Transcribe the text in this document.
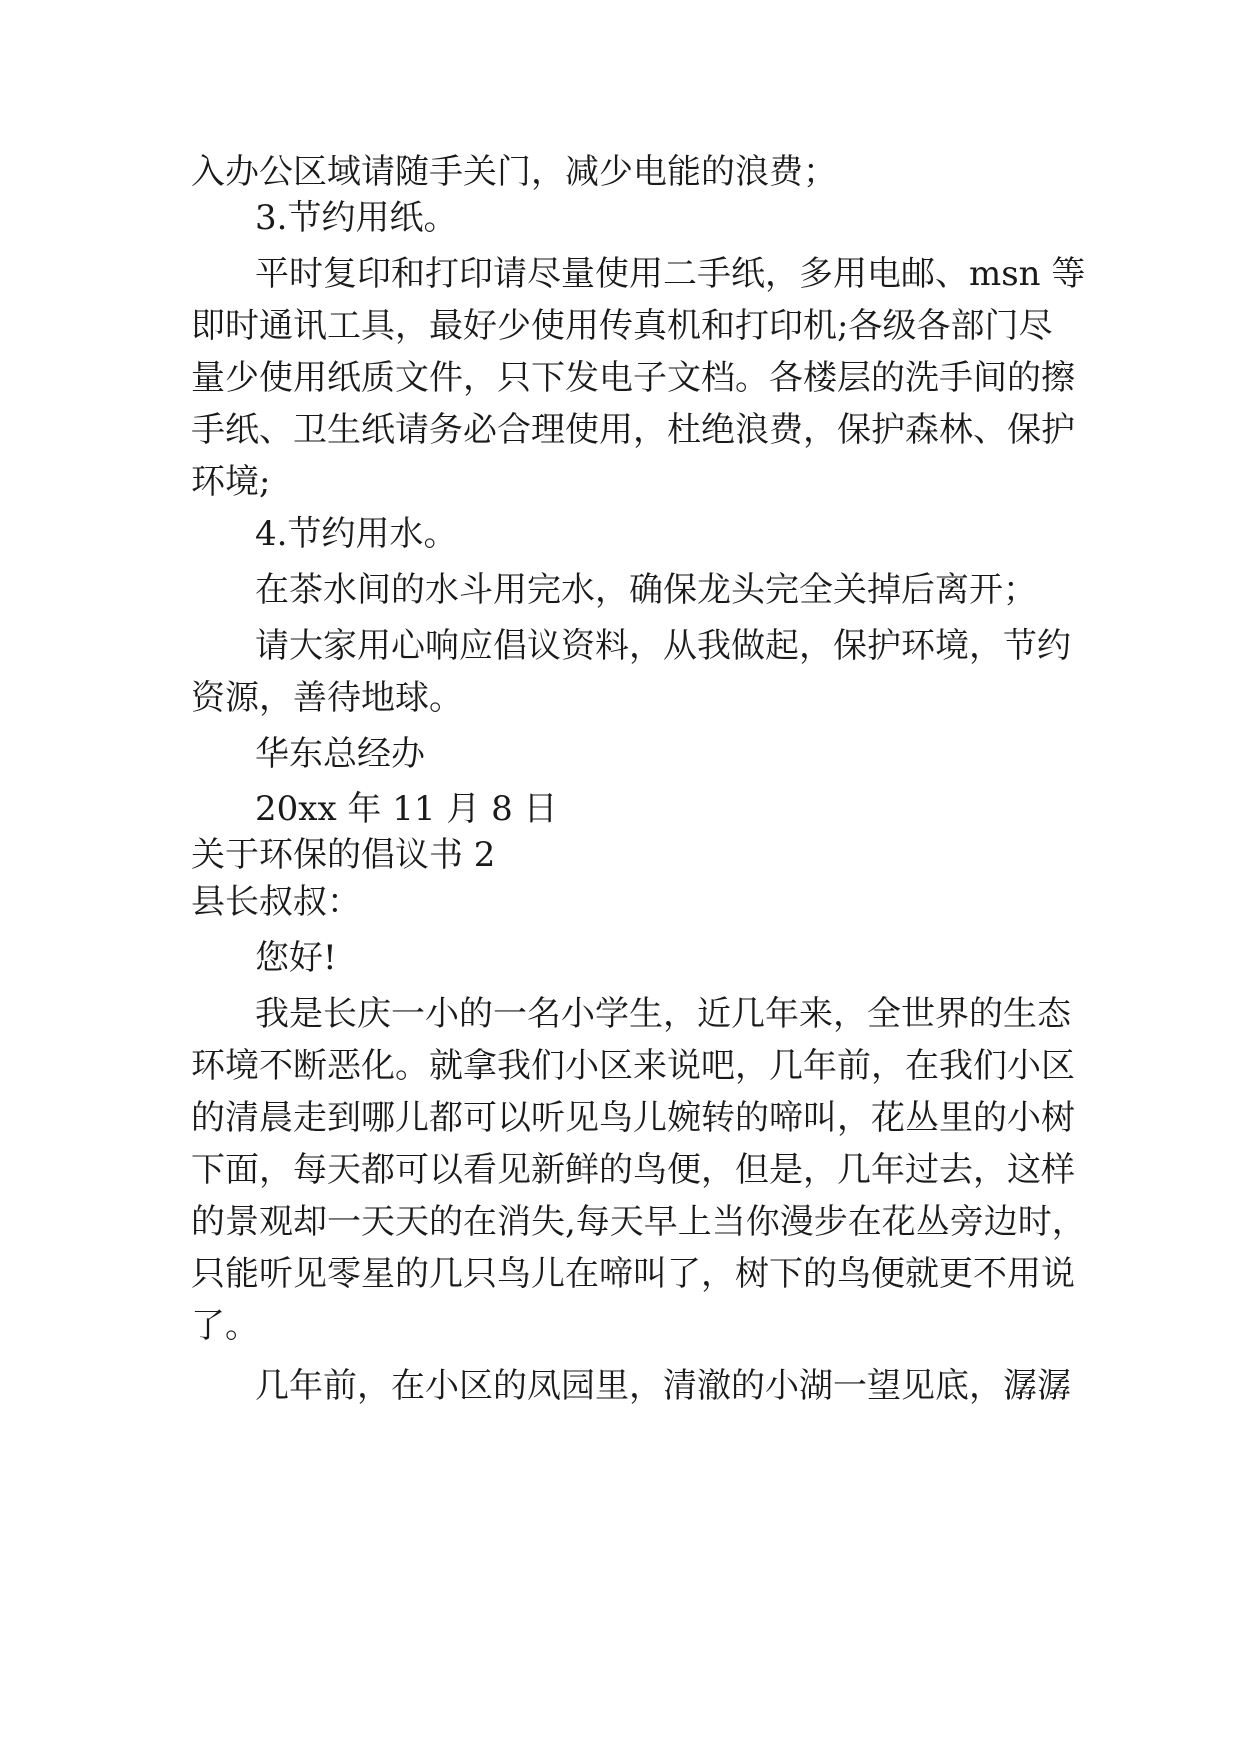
入办公区域请随手关门，减少电能的浪费；
3.节约用纸。
平时复印和打印请尽量使用二手纸，多用电邮、msn 等
即时通讯工具，最好少使用传真机和打印机;各级各部门尽
量少使用纸质文件，只下发电子文档。各楼层的洗手间的擦
手纸、卫生纸请务必合理使用，杜绝浪费，保护森林、保护
环境;
4.节约用水。
在茶水间的水斗用完水，确保龙头完全关掉后离开；
请大家用心响应倡议资料，从我做起，保护环境，节约
资源，善待地球。
华东总经办
20xx 年 11 月 8 日
关于环保的倡议书 2
县长叔叔：
您好!
我是长庆一小的一名小学生，近几年来，全世界的生态
环境不断恶化。就拿我们小区来说吧，几年前，在我们小区
的清晨走到哪儿都可以听见鸟儿婉转的啼叫，花丛里的小树
下面，每天都可以看见新鲜的鸟便，但是，几年过去，这样
的景观却一天天的在消失,每天早上当你漫步在花丛旁边时，
只能听见零星的几只鸟儿在啼叫了，树下的鸟便就更不用说
了。
几年前，在小区的凤园里，清澈的小湖一望见底，潺潺
